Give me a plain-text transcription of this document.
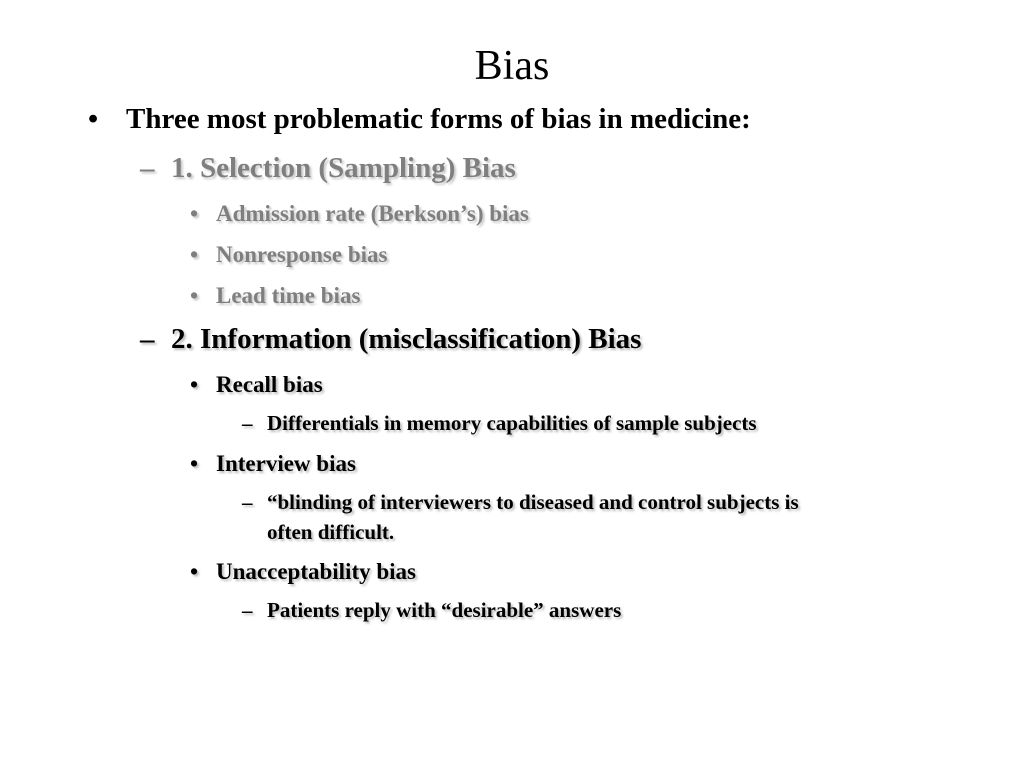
Bias
• Three most problematic forms of bias in medicine:
– 1. Selection (Sampling) Bias
• Admission rate (Berkson’s) bias
• Nonresponse bias
• Lead time bias
– 2. Information (misclassification) Bias
• Recall bias
– Differentials in memory capabilities of sample subjects
• Interview bias
– “blinding of interviewers to diseased and control subjects is
often difficult.
• Unacceptability bias
– Patients reply with “desirable” answers
